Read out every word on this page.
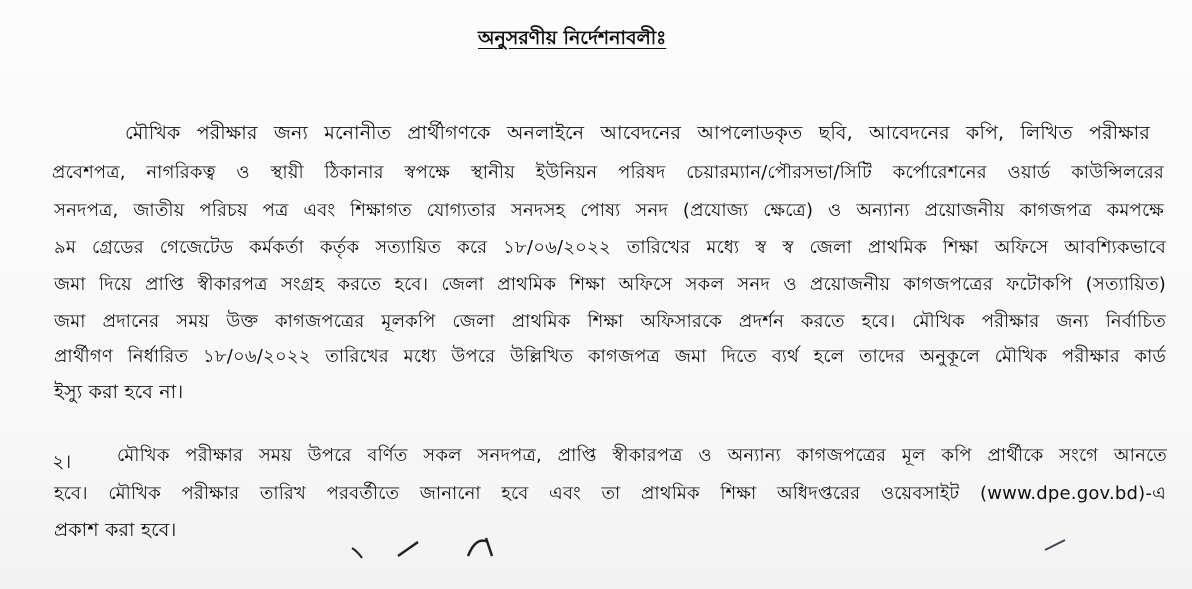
অনুসরণীয় নির্দেশনাবলীঃ
মৌখিক পরীক্ষার জন্য মনোনীত প্রার্থীগণকে অনলাইনে আবেদনের আপলোডকৃত ছবি, আবেদনের কপি, লিখিত পরীক্ষার
প্রবেশপত্র, নাগরিকত্ব ও স্থায়ী ঠিকানার স্বপক্ষে স্থানীয় ইউনিয়ন পরিষদ চেয়ারম্যান/পৌরসভা/সিটি কর্পোরেশনের ওয়ার্ড কাউন্সিলরের
সনদপত্র, জাতীয় পরিচয় পত্র এবং শিক্ষাগত যোগ্যতার সনদসহ পোষ্য সনদ (প্রযোজ্য ক্ষেত্রে) ও অন্যান্য প্রয়োজনীয় কাগজপত্র কমপক্ষে
৯ম গ্রেডের গেজেটেড কর্মকর্তা কর্তৃক সত্যায়িত করে ১৮/০৬/২০২২ তারিখের মধ্যে স্ব স্ব জেলা প্রাথমিক শিক্ষা অফিসে আবশ্যিকভাবে
জমা দিয়ে প্রাপ্তি স্বীকারপত্র সংগ্রহ করতে হবে। জেলা প্রাথমিক শিক্ষা অফিসে সকল সনদ ও প্রয়োজনীয় কাগজপত্রের ফটোকপি (সত্যায়িত)
জমা প্রদানের সময় উক্ত কাগজপত্রের মূলকপি জেলা প্রাথমিক শিক্ষা অফিসারকে প্রদর্শন করতে হবে। মৌখিক পরীক্ষার জন্য নির্বাচিত
প্রার্থীগণ নির্ধারিত ১৮/০৬/২০২২ তারিখের মধ্যে উপরে উল্লিখিত কাগজপত্র জমা দিতে ব্যর্থ হলে তাদের অনুকূলে মৌখিক পরীক্ষার কার্ড
ইস্যু করা হবে না।
২।	মৌখিক পরীক্ষার সময় উপরে বর্ণিত সকল সনদপত্র, প্রাপ্তি স্বীকারপত্র ও অন্যান্য কাগজপত্রের মূল কপি প্রার্থীকে সংগে আনতে
হবে। মৌখিক পরীক্ষার তারিখ পরবর্তীতে জানানো হবে এবং তা প্রাথমিক শিক্ষা অধিদপ্তরের ওয়েবসাইট (www.dpe.gov.bd)-এ
প্রকাশ করা হবে।
